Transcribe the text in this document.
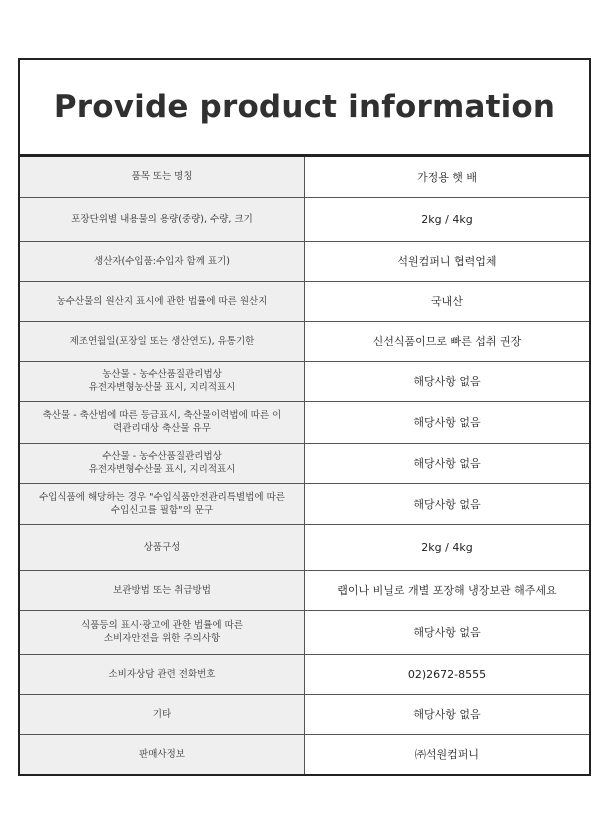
Provide product information
품목 또는 명칭	가정용 햇 배

포장단위별 내용물의 용량(중량), 수량, 크기	2kg / 4kg

생산자(수입품:수입자 함께 표기)	석원컴퍼니 협력업체

농수산물의 원산지 표시에 관한 법률에 따른 원산지	국내산

제조연월일(포장일 또는 생산연도), 유통기한	신선식품이므로 빠른 섭취 권장

농산물 - 농수산품질관리법상
유전자변형농산물 표시, 지리적표시	해당사항 없음

축산물 - 축산법에 따른 등급표시, 축산물이력법에 따른 이
력관리대상 축산물 유무	해당사항 없음

수산물 - 농수산품질관리법상
유전자변형수산물 표시, 지리적표시	해당사항 없음

수입식품에 해당하는 경우 "수입식품안전관리특별법에 따른
수입신고를 필함"의 문구	해당사항 없음

상품구성	2kg / 4kg

보관방법 또는 취급방법	랩이나 비닐로 개별 포장해 냉장보관 해주세요

식품등의 표시·광고에 관한 법률에 따른
소비자안전을 위한 주의사항	해당사항 없음

소비자상담 관련 전화번호	02)2672-8555

기타	해당사항 없음

판매사정보	㈜석원컴퍼니
